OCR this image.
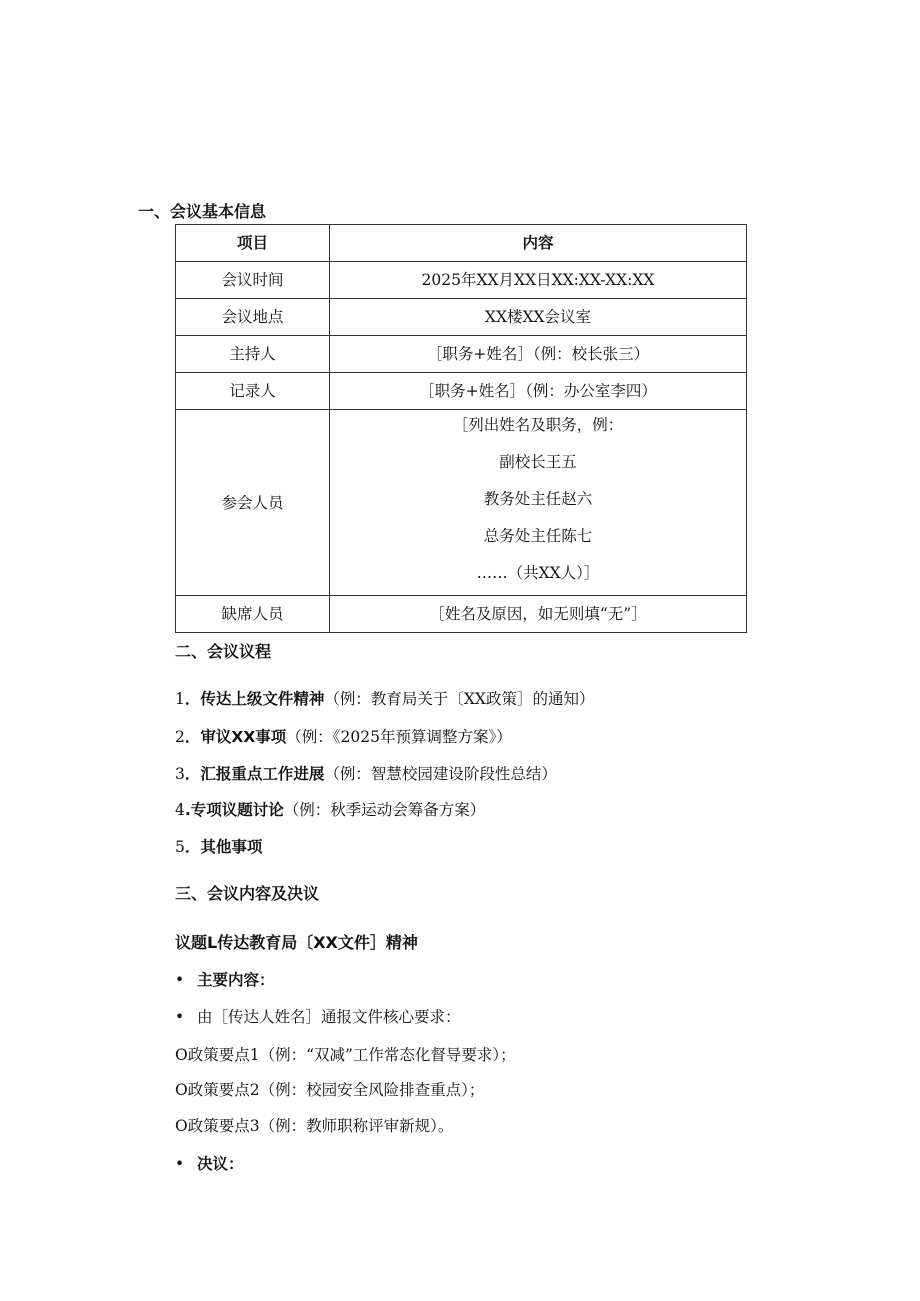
一、会议基本信息
项目	内容
会议时间	2025年XX月XX日XX:XX-XX:XX
会议地点	XX楼XX会议室
主持人	［职务+姓名］（例：校长张三）
记录人	［职务+姓名］（例：办公室李四）
参会人员	［列出姓名及职务，例：
副校长王五
教务处主任赵六
总务处主任陈七
……（共XX人）］

缺席人员	［姓名及原因，如无则填“无”］
二、会议议程
1．传达上级文件精神（例：教育局关于〔XX政策］的通知）
2．审议XX事项（例：《2025年预算调整方案》）
3．汇报重点工作进展（例：智慧校园建设阶段性总结）
4.专项议题讨论（例：秋季运动会筹备方案）
5．其他事项
三、会议内容及决议
议题L传达教育局〔XX文件］精神
• 主要内容：
• 由［传达人姓名］通报文件核心要求：
O政策要点1（例：“双减”工作常态化督导要求）；
O政策要点2（例：校园安全风险排查重点）；
O政策要点3（例：教师职称评审新规）。
• 决议：
